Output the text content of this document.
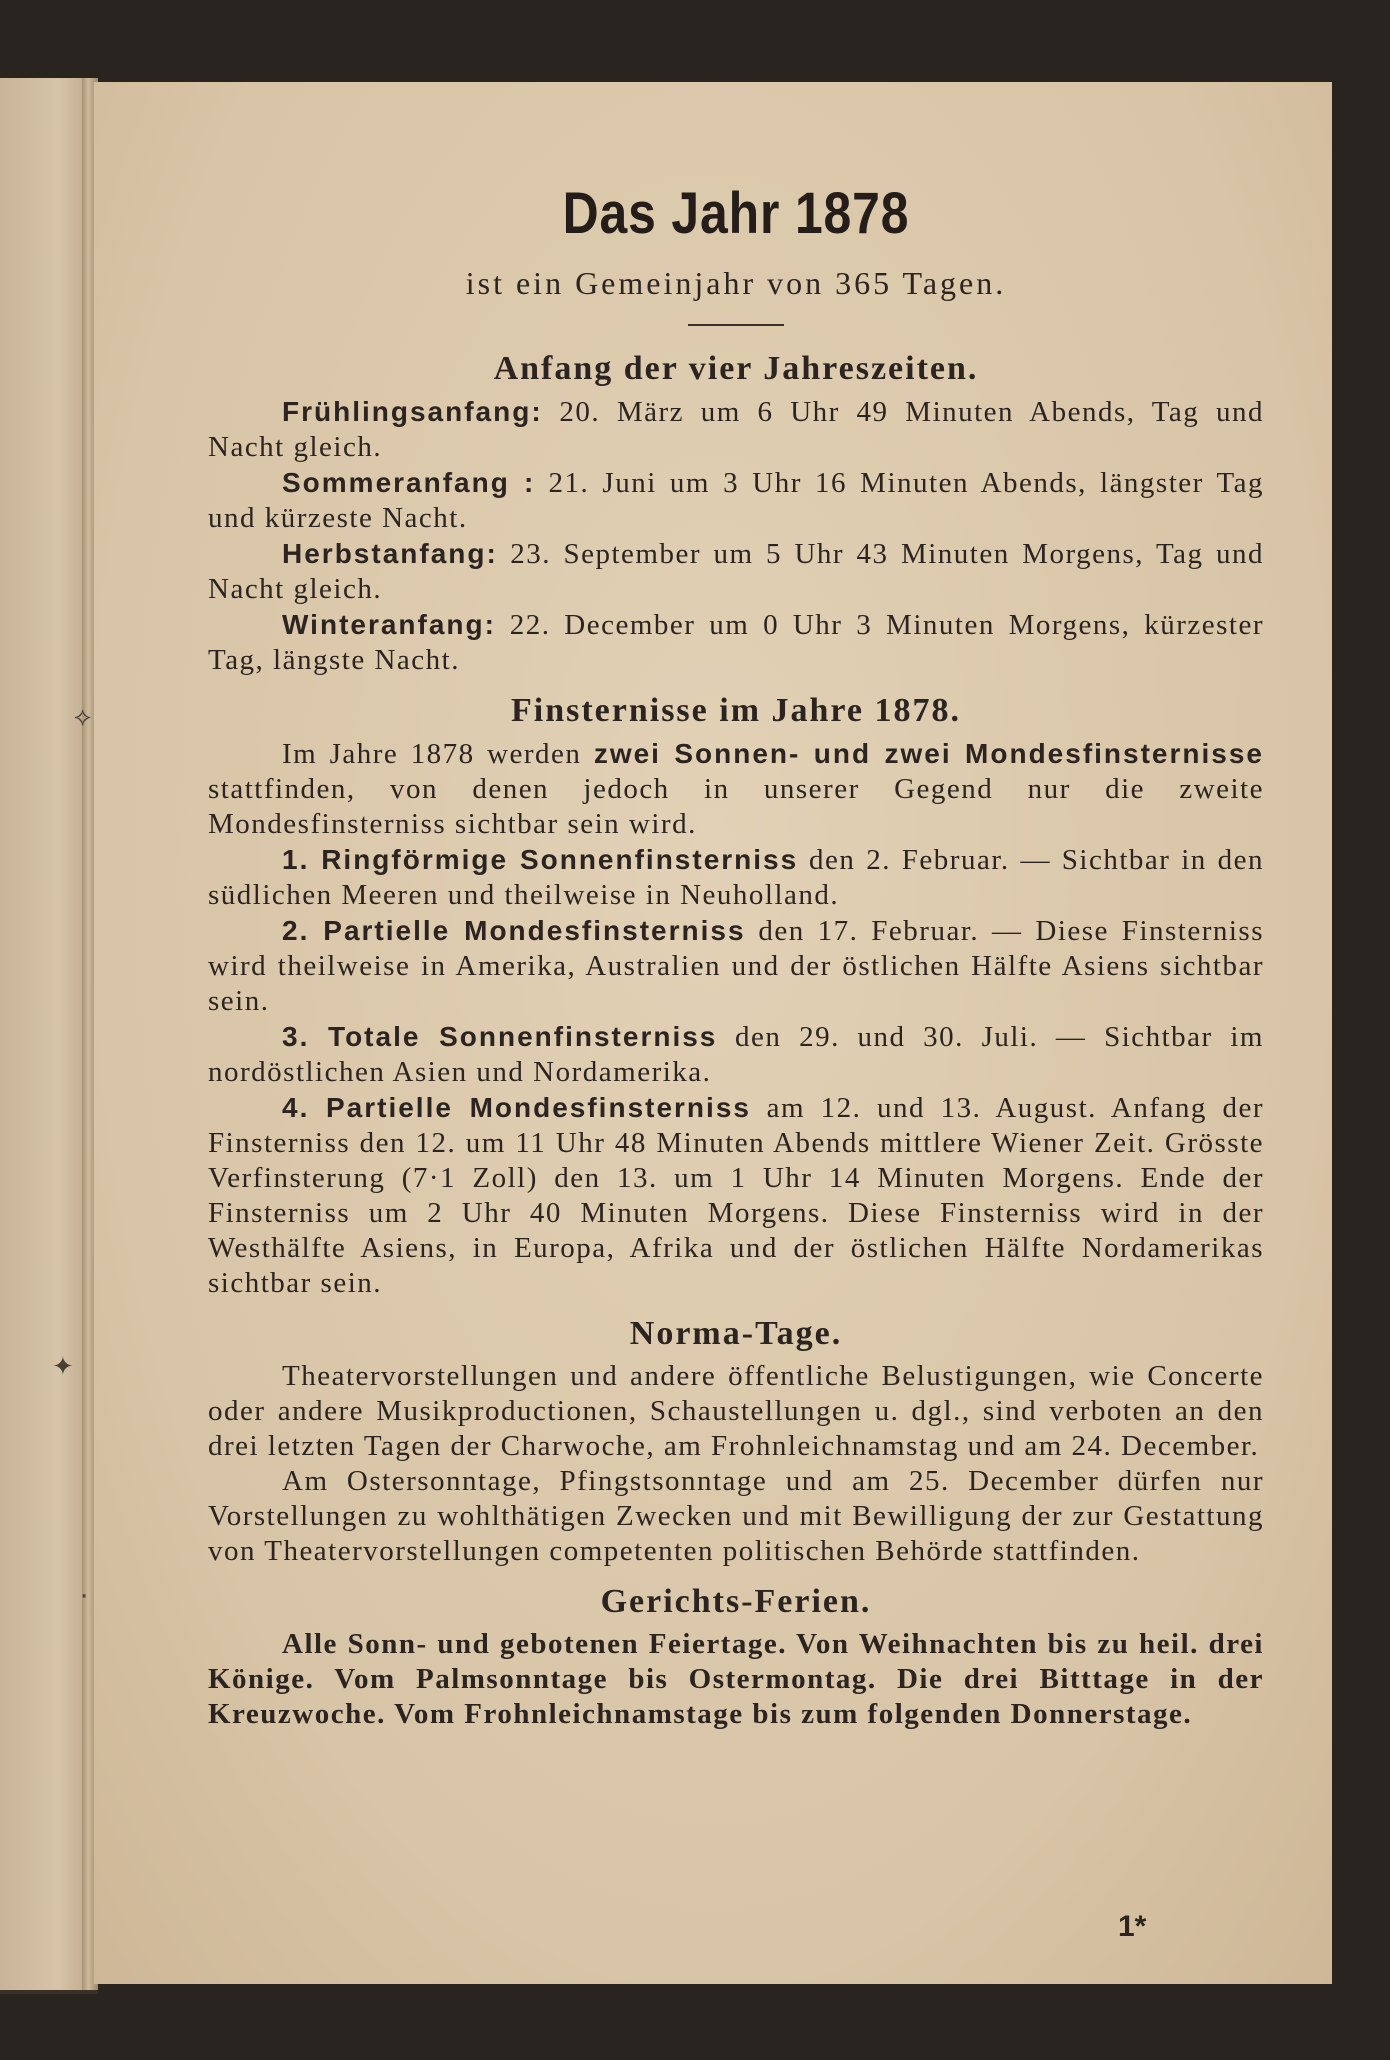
⟡
✦
·
Das Jahr 1878
ist ein Gemeinjahr von 365 Tagen.
Anfang der vier Jahreszeiten.

Frühlingsanfang: 20. März um 6 Uhr 49 Minuten Abends, Tag und Nacht gleich.

Sommeranfang : 21. Juni um 3 Uhr 16 Minuten Abends, längster Tag und kürzeste Nacht.

Herbstanfang: 23. September um 5 Uhr 43 Minuten Morgens, Tag und Nacht gleich.

Winteranfang: 22. December um 0 Uhr 3 Minuten Morgens, kürzester Tag, längste Nacht.

Finsternisse im Jahre 1878.

Im Jahre 1878 werden zwei Sonnen- und zwei Mondesfinsternisse stattfinden, von denen jedoch in unserer Gegend nur die zweite Mondesfinsterniss sichtbar sein wird.

1. Ringförmige Sonnenfinsterniss den 2. Februar. — Sichtbar in den südlichen Meeren und theilweise in Neuholland.

2. Partielle Mondesfinsterniss den 17. Februar. — Diese Finsterniss wird theilweise in Amerika, Australien und der östlichen Hälfte Asiens sichtbar sein.

3. Totale Sonnenfinsterniss den 29. und 30. Juli. — Sichtbar im nordöstlichen Asien und Nordamerika.

4. Partielle Mondesfinsterniss am 12. und 13. August. Anfang der Finsterniss den 12. um 11 Uhr 48 Minuten Abends mittlere Wiener Zeit. Grösste Verfinsterung (7·1 Zoll) den 13. um 1 Uhr 14 Minuten Morgens. Ende der Finsterniss um 2 Uhr 40 Minuten Morgens. Diese Finsterniss wird in der Westhälfte Asiens, in Europa, Afrika und der östlichen Hälfte Nordamerikas sichtbar sein.

Norma-Tage.

Theatervorstellungen und andere öffentliche Belustigungen, wie Concerte oder andere Musikproductionen, Schaustellungen u. dgl., sind verboten an den drei letzten Tagen der Charwoche, am Frohnleichnamstag und am 24. December.

Am Ostersonntage, Pfingstsonntage und am 25. December dürfen nur Vorstellungen zu wohlthätigen Zwecken und mit Bewilligung der zur Gestattung von Theatervorstellungen competenten politischen Behörde stattfinden.

Gerichts-Ferien.

Alle Sonn- und gebotenen Feiertage. Von Weihnachten bis zu heil. drei Könige. Vom Palmsonntage bis Ostermontag. Die drei Bitttage in der Kreuzwoche. Vom Frohnleichnamstage bis zum folgenden Donnerstage.

1*
